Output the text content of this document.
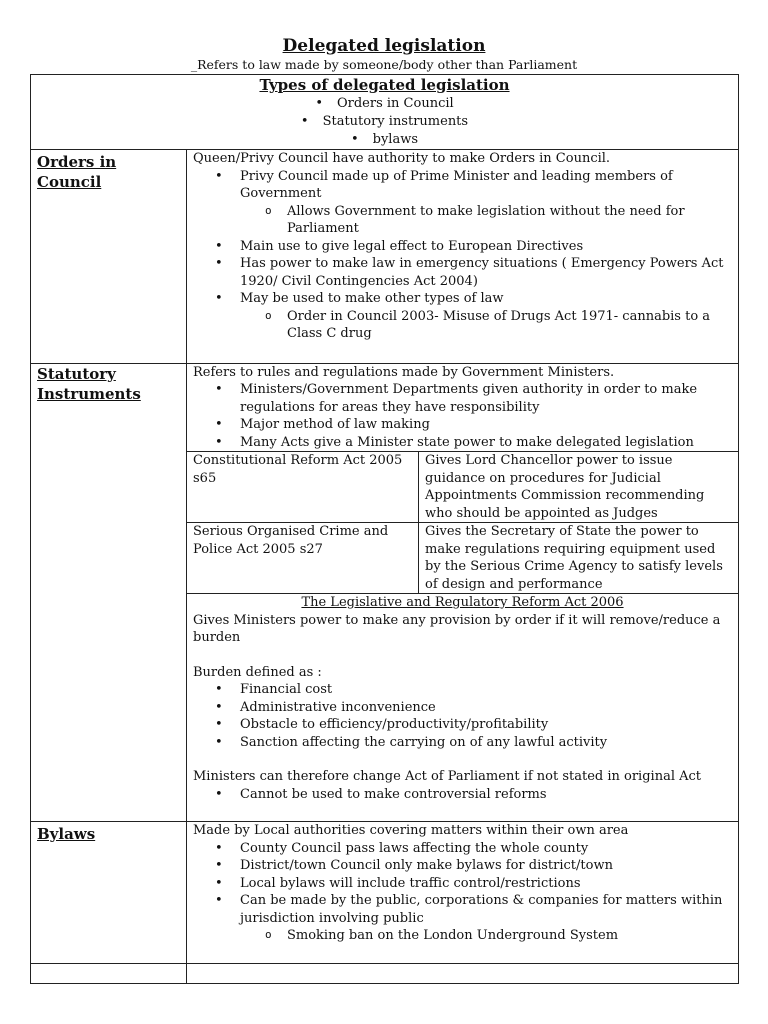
Delegated legislation
_Refers to law made by someone/body other than Parliament
Types of delegated legislation
• Orders in Council
• Statutory instruments
• bylaws

Orders in Council	

Queen/Privy Council have authority to make Orders in Council.

• Privy Council made up of Prime Minister and leading members of Government
o Allows Government to make legislation without the need for Parliament
• Main use to give legal effect to European Directives
• Has power to make law in emergency situations ( Emergency Powers Act 1920/ Civil Contingencies Act 2004)
• May be used to make other types of law
o Order in Council 2003- Misuse of Drugs Act 1971- cannabis to a Class C drug

Statutory Instruments	

Refers to rules and regulations made by Government Ministers.

• Ministers/Government Departments given authority in order to make regulations for areas they have responsibility
• Major method of law making
• Many Acts give a Minister state power to make delegated legislation
Constitutional Reform Act 2005 s65	Gives Lord Chancellor power to issue guidance on procedures for Judicial Appointments Commission recommending who should be appointed as Judges
Serious Organised Crime and Police Act 2005 s27	Gives the Secretary of State the power to make regulations requiring equipment used by the Serious Crime Agency to satisfy levels of design and performance

The Legislative and Regulatory Reform Act 2006

Gives Ministers power to make any provision by order if it will remove/reduce a burden

Burden defined as :

• Financial cost
• Administrative inconvenience
• Obstacle to efficiency/productivity/profitability
• Sanction affecting the carrying on of any lawful activity

Ministers can therefore change Act of Parliament if not stated in original Act

• Cannot be used to make controversial reforms

Bylaws	Made by Local authorities covering matters within their own area

• County Council pass laws affecting the whole county
• District/town Council only make bylaws for district/town
• Local bylaws will include traffic control/restrictions
• Can be made by the public, corporations & companies for matters within jurisdiction involving public
o Smoking ban on the London Underground System
